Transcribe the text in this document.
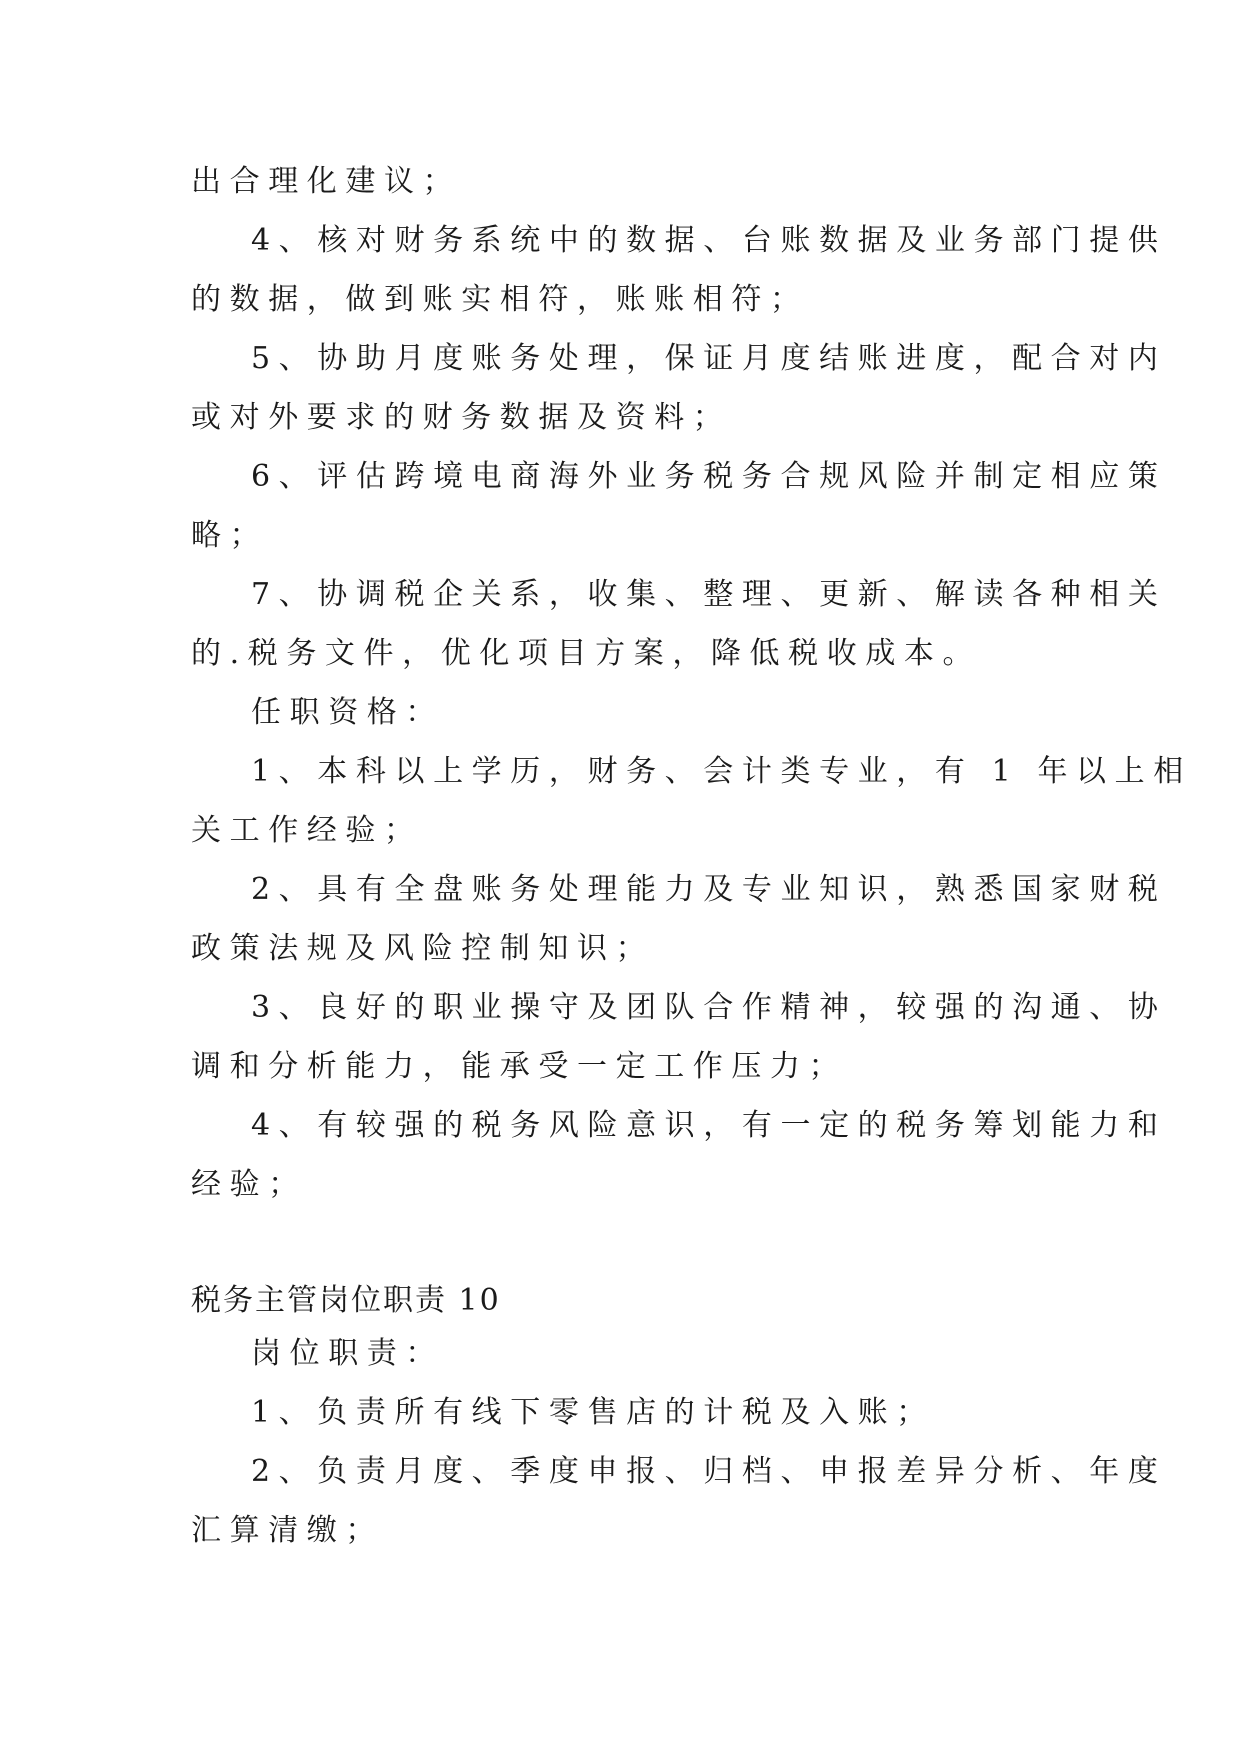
出合理化建议；
4、核对财务系统中的数据、台账数据及业务部门提供
的数据，做到账实相符，账账相符；
5、协助月度账务处理，保证月度结账进度，配合对内
或对外要求的财务数据及资料；
6、评估跨境电商海外业务税务合规风险并制定相应策
略；
7、协调税企关系，收集、整理、更新、解读各种相关
的.税务文件，优化项目方案，降低税收成本。
任职资格：
1、本科以上学历，财务、会计类专业，有 1 年以上相
关工作经验；
2、具有全盘账务处理能力及专业知识，熟悉国家财税
政策法规及风险控制知识；
3、良好的职业操守及团队合作精神，较强的沟通、协
调和分析能力，能承受一定工作压力；
4、有较强的税务风险意识，有一定的税务筹划能力和
经验；
税务主管岗位职责 10
岗位职责：
1、负责所有线下零售店的计税及入账；
2、负责月度、季度申报、归档、申报差异分析、年度
汇算清缴；
